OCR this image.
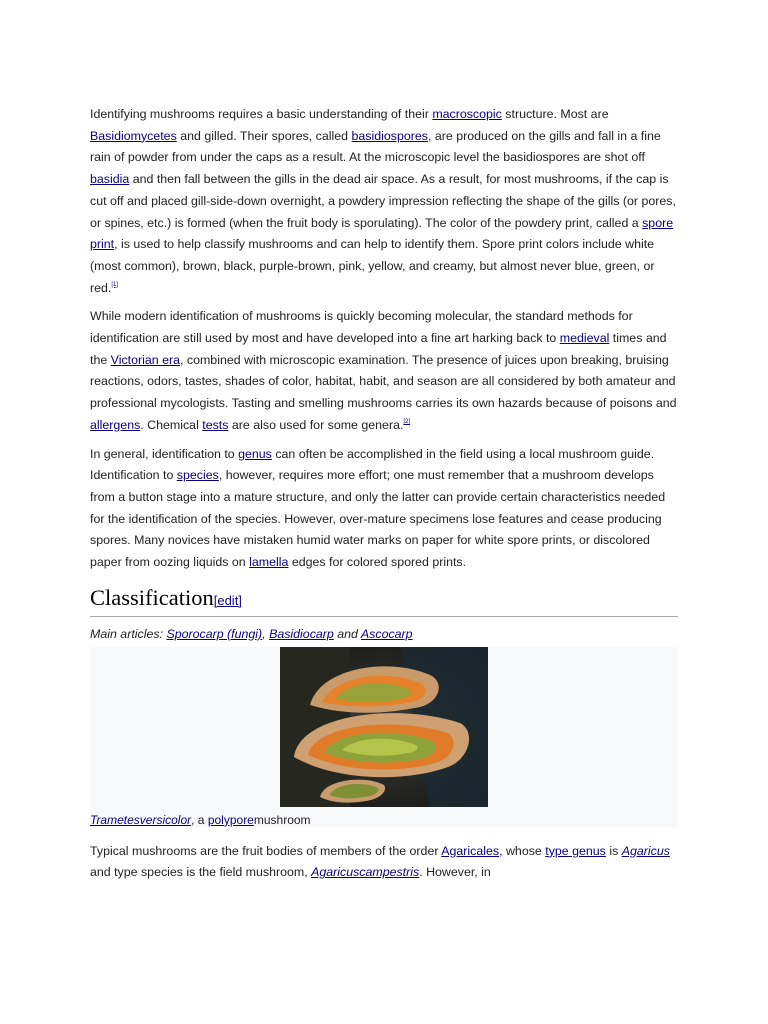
Identifying mushrooms requires a basic understanding of their macroscopic structure. Most are Basidiomycetes and gilled. Their spores, called basidiospores, are produced on the gills and fall in a fine rain of powder from under the caps as a result. At the microscopic level the basidiospores are shot off basidia and then fall between the gills in the dead air space. As a result, for most mushrooms, if the cap is cut off and placed gill-side-down overnight, a powdery impression reflecting the shape of the gills (or pores, or spines, etc.) is formed (when the fruit body is sporulating). The color of the powdery print, called a spore print, is used to help classify mushrooms and can help to identify them. Spore print colors include white (most common), brown, black, purple-brown, pink, yellow, and creamy, but almost never blue, green, or red.[1]

While modern identification of mushrooms is quickly becoming molecular, the standard methods for identification are still used by most and have developed into a fine art harking back to medieval times and the Victorian era, combined with microscopic examination. The presence of juices upon breaking, bruising reactions, odors, tastes, shades of color, habitat, habit, and season are all considered by both amateur and professional mycologists. Tasting and smelling mushrooms carries its own hazards because of poisons and allergens. Chemical tests are also used for some genera.[2]

In general, identification to genus can often be accomplished in the field using a local mushroom guide. Identification to species, however, requires more effort; one must remember that a mushroom develops from a button stage into a mature structure, and only the latter can provide certain characteristics needed for the identification of the species. However, over-mature specimens lose features and cease producing spores. Many novices have mistaken humid water marks on paper for white spore prints, or discolored paper from oozing liquids on lamella edges for colored spored prints.

Classification[edit]
Main articles: Sporocarp (fungi), Basidiocarp and Ascocarp
Trametesversicolor, a polyporemushroom

Typical mushrooms are the fruit bodies of members of the order Agaricales, whose type genus is Agaricus and type species is the field mushroom, Agaricuscampestris. However, in
